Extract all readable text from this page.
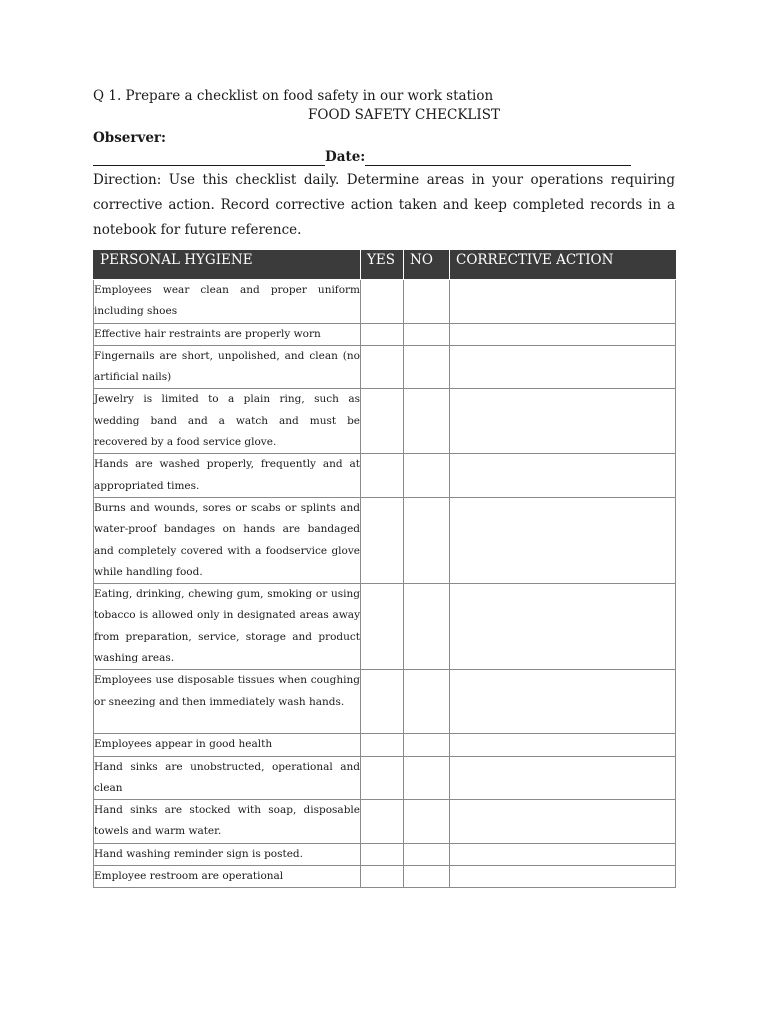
Q 1. Prepare a checklist on food safety in our work station
FOOD SAFETY CHECKLIST
Observer:
Date:
Direction: Use this checklist daily. Determine areas in your operations requiring corrective action. Record corrective action taken and keep completed records in a notebook for future reference.
PERSONAL HYGIENE	YES	NO	CORRECTIVE ACTION
Employees wear clean and proper uniform including shoes			
Effective hair restraints are properly worn			
Fingernails are short, unpolished, and clean (no artificial nails)			
Jewelry is limited to a plain ring, such as wedding band and a watch and must be recovered by a food service glove.			
Hands are washed properly, frequently and at appropriated times.			
Burns and wounds, sores or scabs or splints and water-proof bandages on hands are bandaged and completely covered with a foodservice glove while handling food.			
Eating, drinking, chewing gum, smoking or using tobacco is allowed only in designated areas away from preparation, service, storage and product washing areas.			
Employees use disposable tissues when coughing or sneezing and then immediately wash hands.			
Employees appear in good health			
Hand sinks are unobstructed, operational and clean			
Hand sinks are stocked with soap, disposable towels and warm water.			
Hand washing reminder sign is posted.			
Employee restroom are operational			
